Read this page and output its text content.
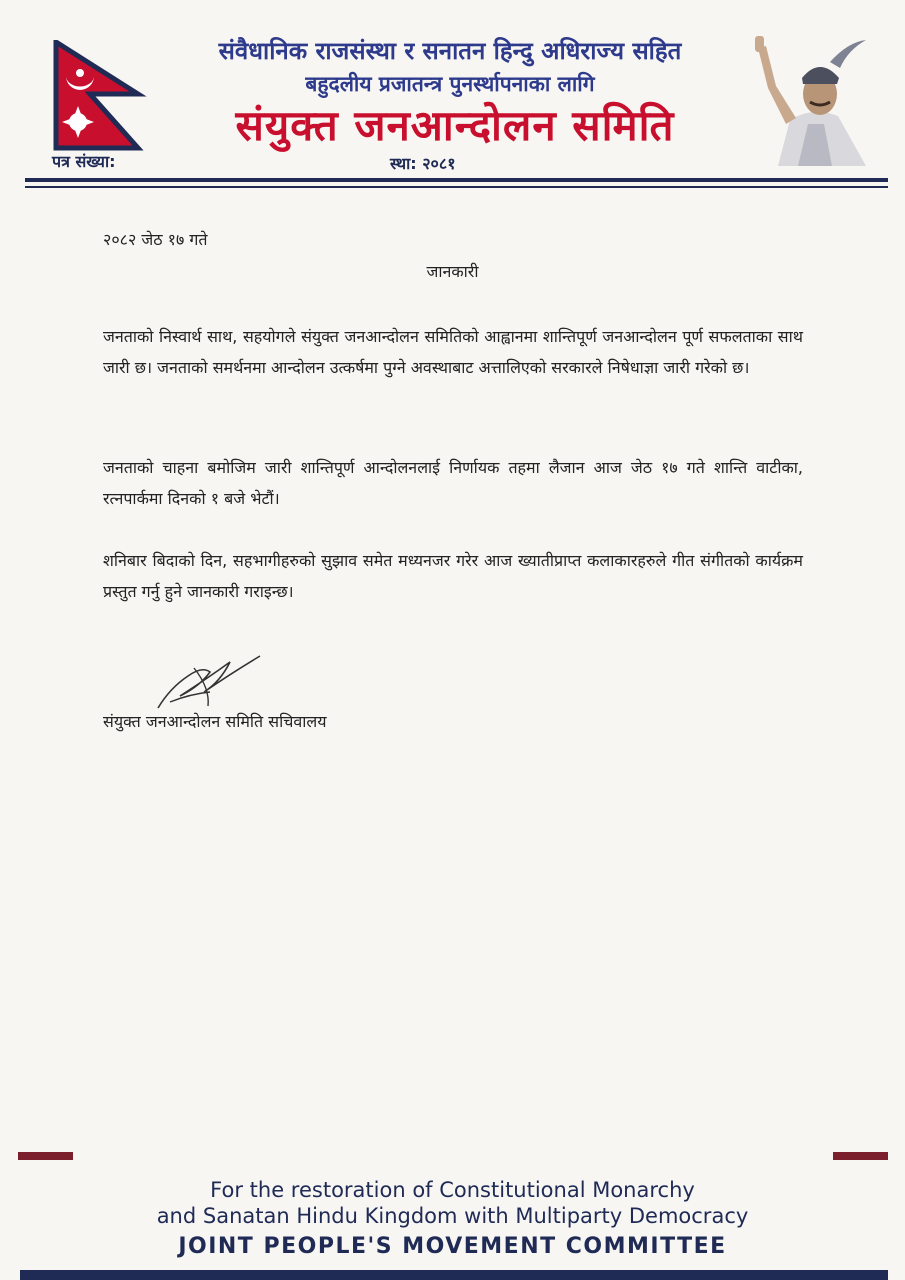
पत्र संख्या:
संवैधानिक राजसंस्था र सनातन हिन्दु अधिराज्य सहित
बहुदलीय प्रजातन्त्र पुनर्स्थापनाका लागि
संयुक्त जनआन्दोलन समिति
स्था: २०८१
२०८२ जेठ १७ गते
जानकारी
जनताको निस्वार्थ साथ, सहयोगले संयुक्त जनआन्दोलन समितिको आह्वानमा शान्तिपूर्ण जनआन्दोलन पूर्ण सफलताका साथ जारी छ। जनताको समर्थनमा आन्दोलन उत्कर्षमा पुग्ने अवस्थाबाट अत्तालिएको सरकारले निषेधाज्ञा जारी गरेको छ।
जनताको चाहना बमोजिम जारी शान्तिपूर्ण आन्दोलनलाई निर्णायक तहमा लैजान आज जेठ १७ गते शान्ति वाटीका, रत्नपार्कमा दिनको १ बजे भेटौं।
शनिबार बिदाको दिन, सहभागीहरुको सुझाव समेत मध्यनजर गरेर आज ख्यातीप्राप्त कलाकारहरुले गीत संगीतको कार्यक्रम प्रस्तुत गर्नु हुने जानकारी गराइन्छ।
संयुक्त जनआन्दोलन समिति सचिवालय
For the restoration of Constitutional Monarchy
and Sanatan Hindu Kingdom with Multiparty Democracy
JOINT PEOPLE'S MOVEMENT COMMITTEE
